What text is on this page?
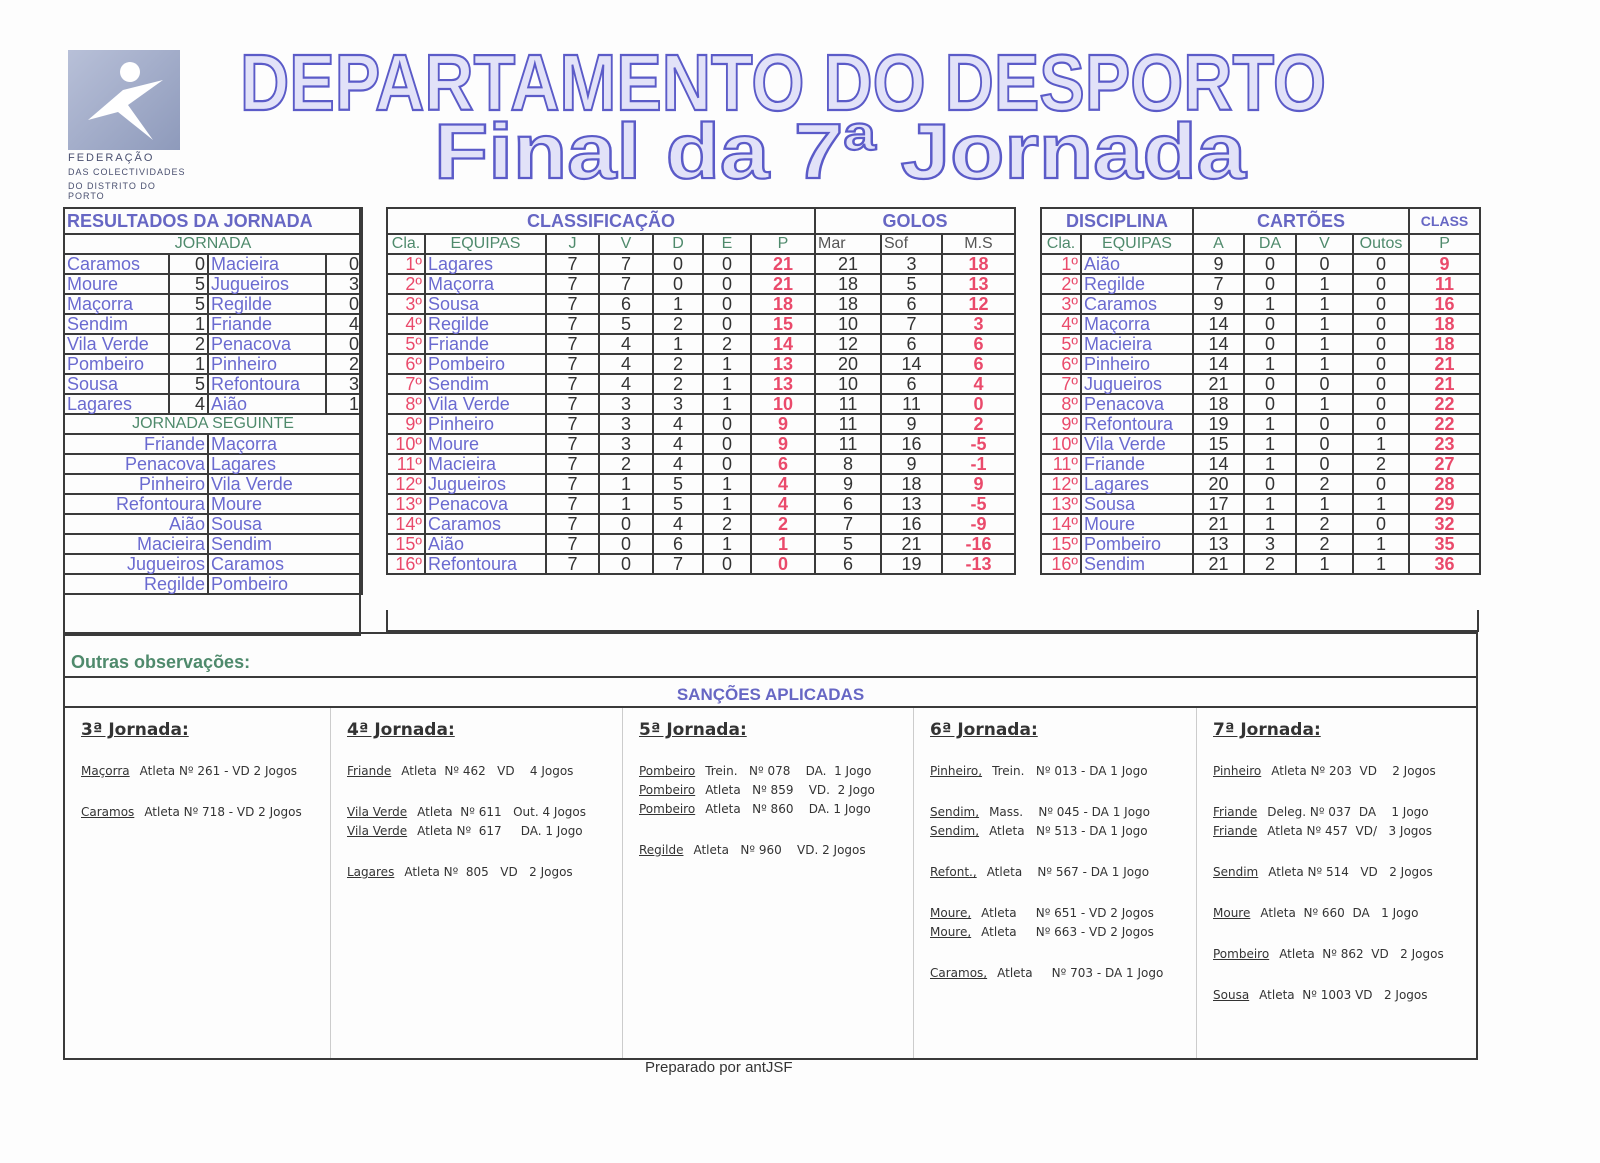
FEDERAÇÃO
DAS COLECTIVIDADES
DO DISTRITO DO PORTO
DEPARTAMENTO DO DESPORTO
Final da 7ª Jornada
RESULTADOS DA JORNADA			
JORNADA			
Caramos	0	Macieira	0
Moure	5	Jugueiros	3
Maçorra	5	Regilde	0
Sendim	1	Friande	4
Vila Verde	2	Penacova	0
Pombeiro	1	Pinheiro	2
Sousa	5	Refontoura	3
Lagares	4	Aião	1
JORNADA SEGUINTE			
Friande		Maçorra	
Penacova		Lagares	
Pinheiro		Vila Verde	
Refontoura		Moure	
Aião		Sousa	
Macieira		Sendim	
Jugueiros		Caramos	
Regilde		Pombeiro	
CLASSIFICAÇÃO							GOLOS		
Cla.	EQUIPAS	J	V	D	E	P	Mar	Sof	M.S
1º	Lagares	7	7	0	0	21	21	3	18
2º	Maçorra	7	7	0	0	21	18	5	13
3º	Sousa	7	6	1	0	18	18	6	12
4º	Regilde	7	5	2	0	15	10	7	3
5º	Friande	7	4	1	2	14	12	6	6
6º	Pombeiro	7	4	2	1	13	20	14	6
7º	Sendim	7	4	2	1	13	10	6	4
8º	Vila Verde	7	3	3	1	10	11	11	0
9º	Pinheiro	7	3	4	0	9	11	9	2
10º	Moure	7	3	4	0	9	11	16	-5
11º	Macieira	7	2	4	0	6	8	9	-1
12º	Jugueiros	7	1	5	1	4	9	18	9
13º	Penacova	7	1	5	1	4	6	13	-5
14º	Caramos	7	0	4	2	2	7	16	-9
15º	Aião	7	0	6	1	1	5	21	-16
16º	Refontoura	7	0	7	0	0	6	19	-13
DISCIPLINA		CARTÕES				CLASS
Cla.	EQUIPAS	A	DA	V	Outos	P
1º	Aião	9	0	0	0	9
2º	Regilde	7	0	1	0	11
3º	Caramos	9	1	1	0	16
4º	Maçorra	14	0	1	0	18
5º	Macieira	14	0	1	0	18
6º	Pinheiro	14	1	1	0	21
7º	Jugueiros	21	0	0	0	21
8º	Penacova	18	0	1	0	22
9º	Refontoura	19	1	0	0	22
10º	Vila Verde	15	1	0	1	23
11º	Friande	14	1	0	2	27
12º	Lagares	20	0	2	0	28
13º	Sousa	17	1	1	1	29
14º	Moure	21	1	2	0	32
15º	Pombeiro	13	3	2	1	35
16º	Sendim	21	2	1	1	36
Outras observações:
SANÇÕES APLICADAS
3ª Jornada:
Maçorra Atleta Nº 261 - VD 2 Jogos
Caramos Atleta Nº 718 - VD 2 Jogos
4ª Jornada:
Friande Atleta  Nº 462   VD    4 Jogos
Vila Verde Atleta  Nº 611   Out. 4 Jogos
Vila Verde Atleta Nº  617     DA. 1 Jogo
Lagares Atleta Nº  805   VD   2 Jogos
5ª Jornada:
Pombeiro Trein.   Nº 078    DA.  1 Jogo
Pombeiro Atleta   Nº 859    VD.  2 Jogo
Pombeiro Atleta   Nº 860    DA. 1 Jogo
Regilde Atleta   Nº 960    VD. 2 Jogos
6ª Jornada:
Pinheiro, Trein.   Nº 013 - DA 1 Jogo
Sendim, Mass.    Nº 045 - DA 1 Jogo
Sendim, Atleta   Nº 513 - DA 1 Jogo
Refont., Atleta    Nº 567 - DA 1 Jogo
Moure, Atleta     Nº 651 - VD 2 Jogos
Moure, Atleta     Nº 663 - VD 2 Jogos
Caramos, Atleta     Nº 703 - DA 1 Jogo
7ª Jornada:
Pinheiro Atleta Nº 203  VD    2 Jogos
Friande Deleg. Nº 037  DA    1 Jogo
Friande Atleta Nº 457  VD/   3 Jogos
Sendim Atleta Nº 514   VD   2 Jogos
Moure Atleta  Nº 660  DA   1 Jogo
Pombeiro Atleta  Nº 862  VD   2 Jogos
Sousa Atleta  Nº 1003 VD   2 Jogos
Preparado por antJSF
